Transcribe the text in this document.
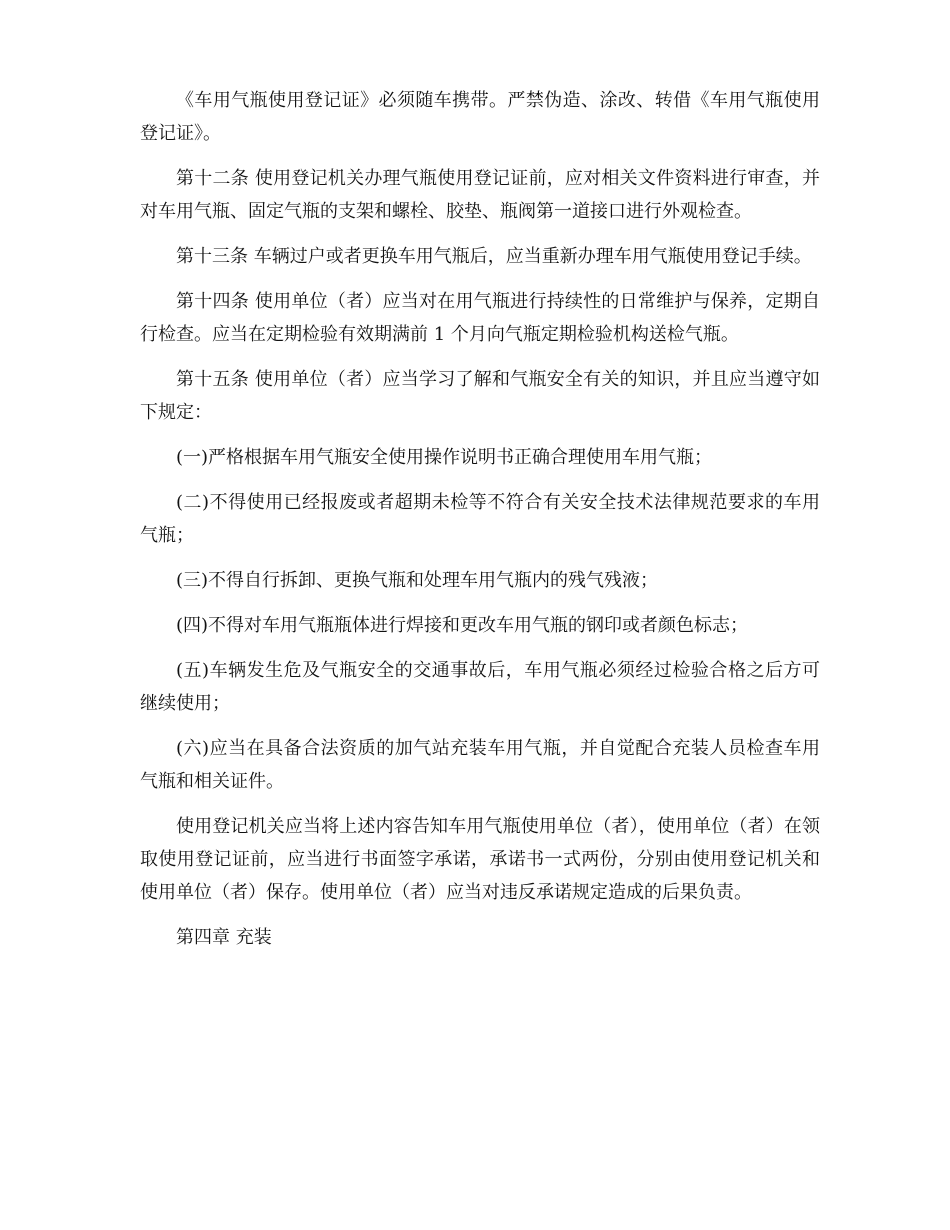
《车用气瓶使用登记证》必须随车携带。严禁伪造、涂改、转借《车用气瓶使用登记证》。

第十二条 使用登记机关办理气瓶使用登记证前，应对相关文件资料进行审查，并对车用气瓶、固定气瓶的支架和螺栓、胶垫、瓶阀第一道接口进行外观检查。

第十三条 车辆过户或者更换车用气瓶后，应当重新办理车用气瓶使用登记手续。

第十四条 使用单位（者）应当对在用气瓶进行持续性的日常维护与保养，定期自行检查。应当在定期检验有效期满前 1 个月向气瓶定期检验机构送检气瓶。

第十五条 使用单位（者）应当学习了解和气瓶安全有关的知识，并且应当遵守如下规定：

(一)严格根据车用气瓶安全使用操作说明书正确合理使用车用气瓶；

(二)不得使用已经报废或者超期未检等不符合有关安全技术法律规范要求的车用气瓶；

(三)不得自行拆卸、更换气瓶和处理车用气瓶内的残气残液；

(四)不得对车用气瓶瓶体进行焊接和更改车用气瓶的钢印或者颜色标志；

(五)车辆发生危及气瓶安全的交通事故后，车用气瓶必须经过检验合格之后方可继续使用；

(六)应当在具备合法资质的加气站充装车用气瓶，并自觉配合充装人员检查车用气瓶和相关证件。

使用登记机关应当将上述内容告知车用气瓶使用单位（者），使用单位（者）在领取使用登记证前，应当进行书面签字承诺，承诺书一式两份，分别由使用登记机关和使用单位（者）保存。使用单位（者）应当对违反承诺规定造成的后果负责。

第四章 充装
